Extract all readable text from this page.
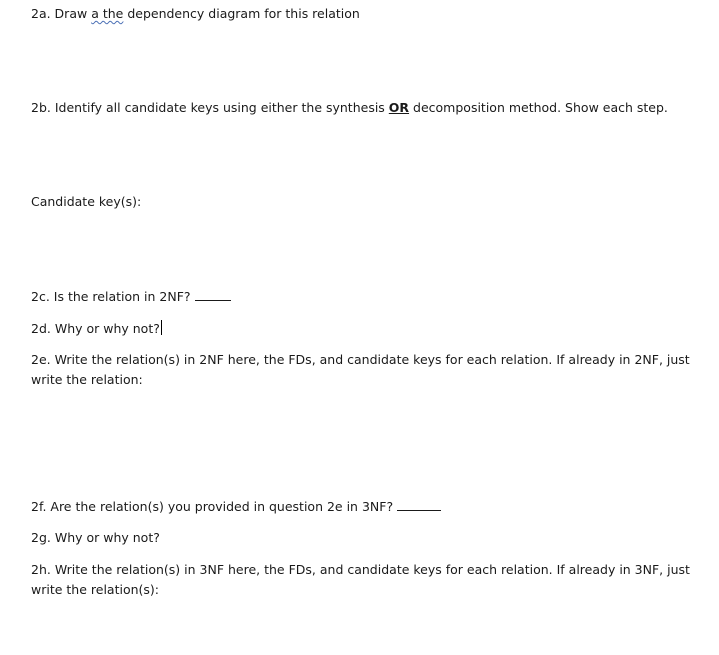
2a. Draw a the dependency diagram for this relation
2b. Identify all candidate keys using either the synthesis OR decomposition method. Show each step.
Candidate key(s):
2c. Is the relation in 2NF?
2d. Why or why not?
2e. Write the relation(s) in 2NF here, the FDs, and candidate keys for each relation. If already in 2NF, just write the relation:
2f. Are the relation(s) you provided in question 2e in 3NF?
2g. Why or why not?
2h. Write the relation(s) in 3NF here, the FDs, and candidate keys for each relation. If already in 3NF, just write the relation(s):
